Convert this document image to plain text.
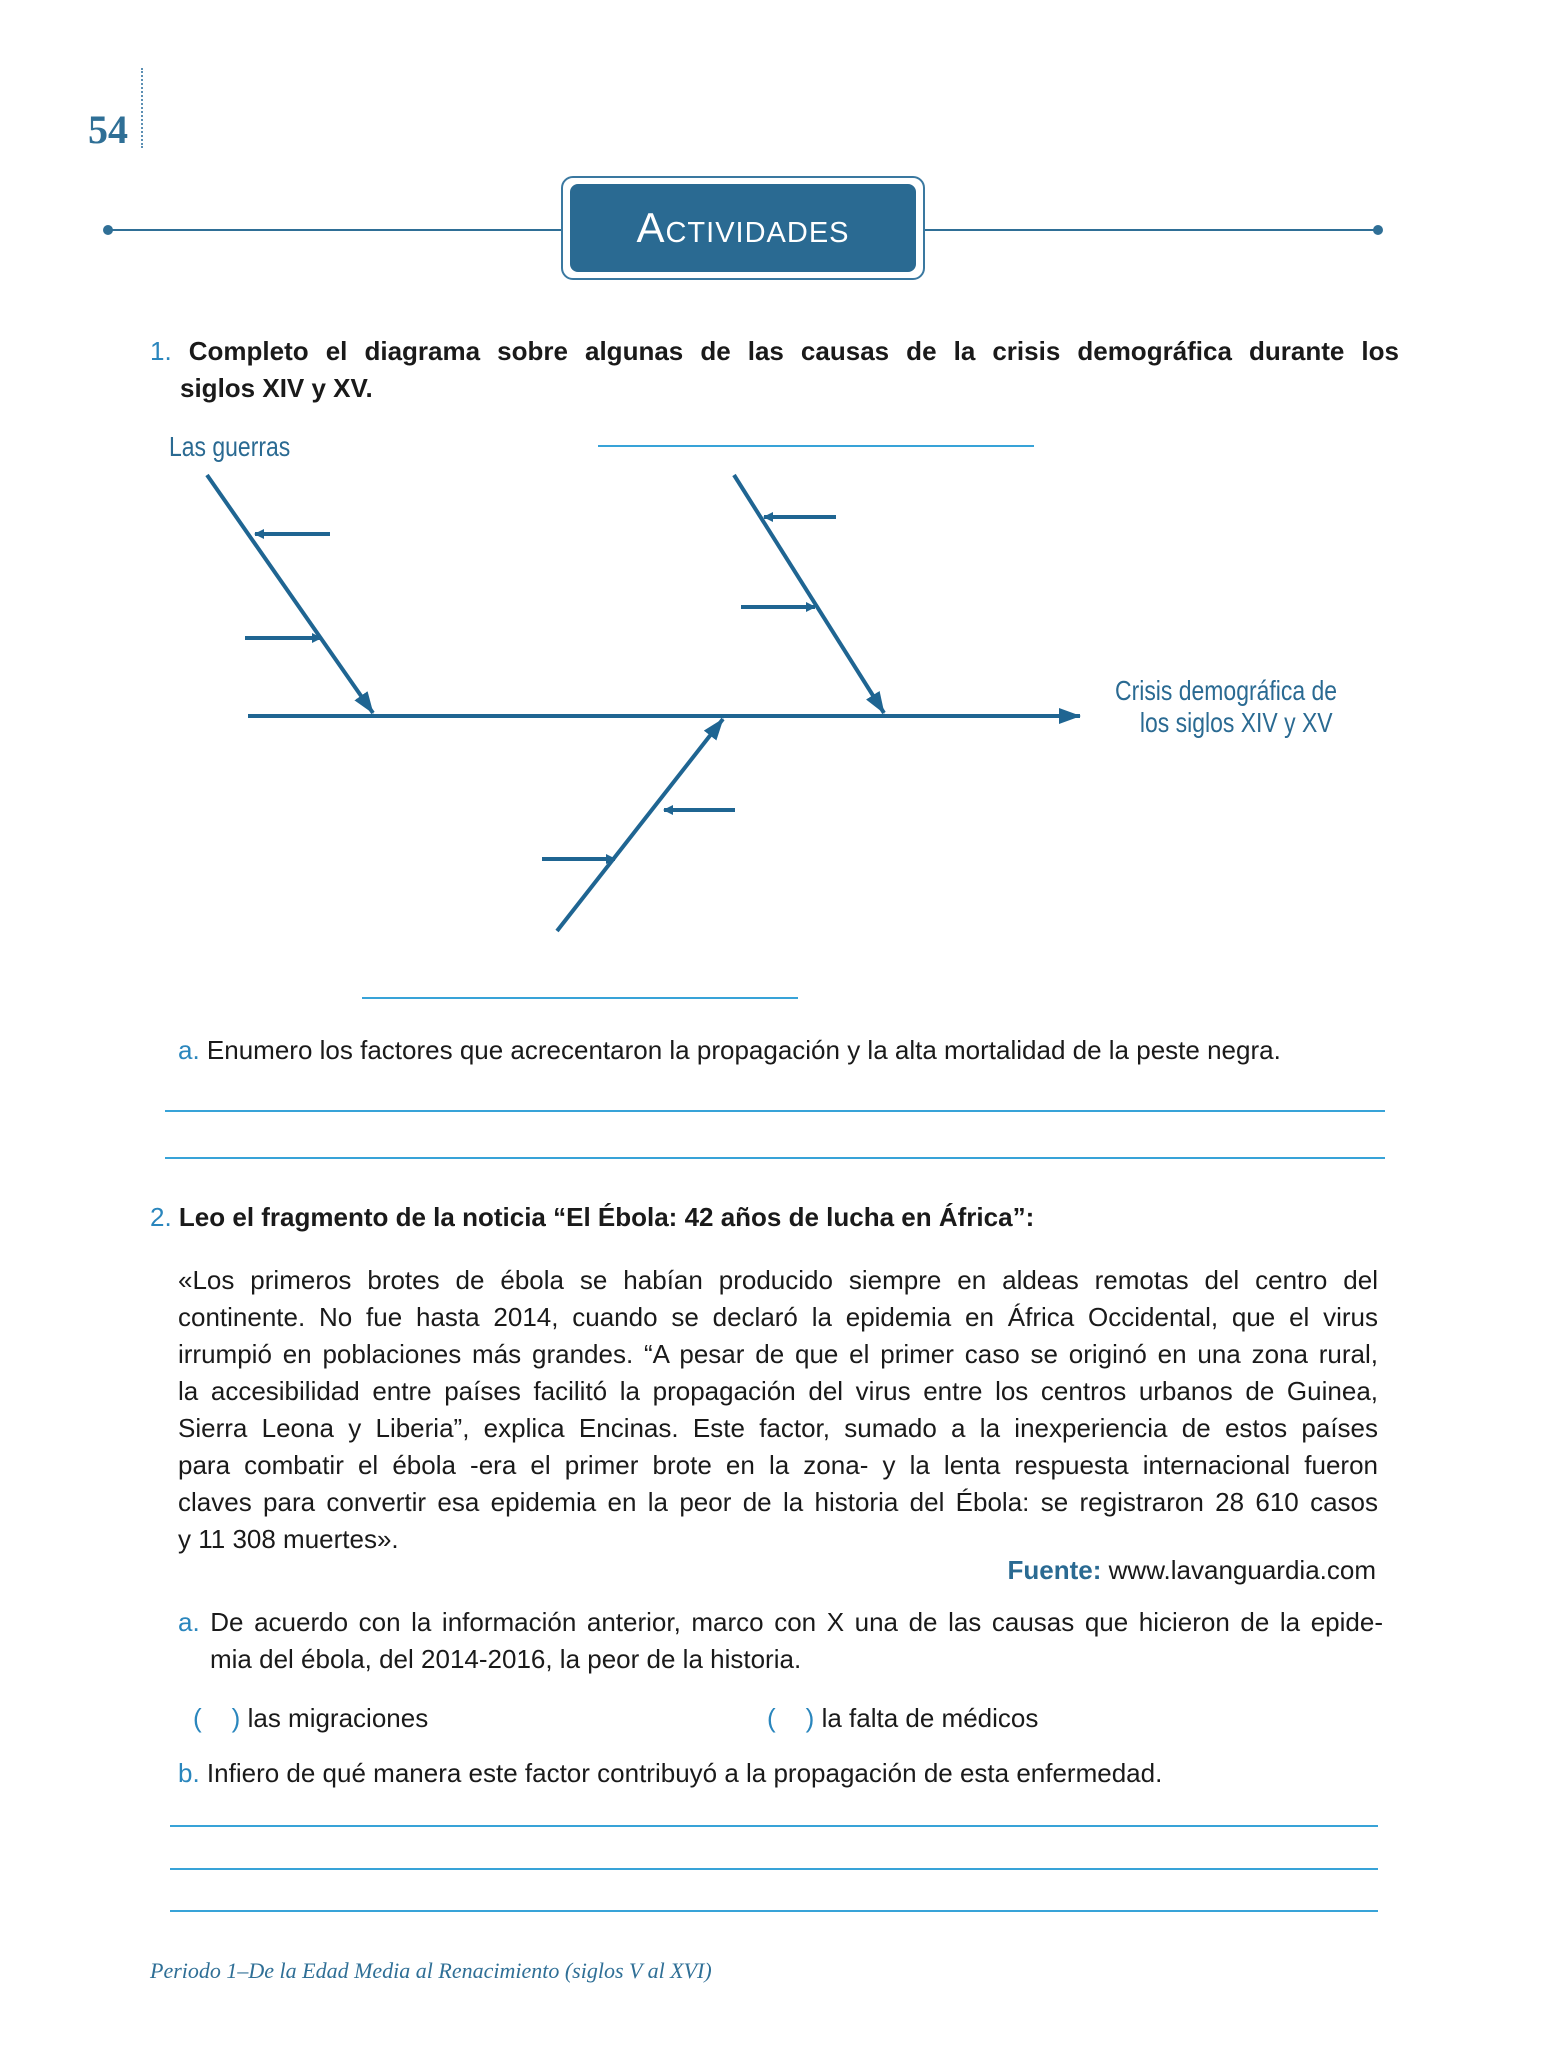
54
Actividades
1. Completo el diagrama sobre algunas de las causas de la crisis demográfica durante los
siglos XIV y XV.
Las guerras
Crisis demográfica de
los siglos XIV y XV
a. Enumero los factores que acrecentaron la propagación y la alta mortalidad de la peste negra.
2. Leo el fragmento de la noticia “El Ébola: 42 años de lucha en África”:
«Los primeros brotes de ébola se habían producido siempre en aldeas remotas del centro del
continente. No fue hasta 2014, cuando se declaró la epidemia en África Occidental, que el virus
irrumpió en poblaciones más grandes. “A pesar de que el primer caso se originó en una zona rural,
la accesibilidad entre países facilitó la propagación del virus entre los centros urbanos de Guinea,
Sierra Leona y Liberia”, explica Encinas. Este factor, sumado a la inexperiencia de estos países
para combatir el ébola -era el primer brote en la zona- y la lenta respuesta internacional fueron
claves para convertir esa epidemia en la peor de la historia del Ébola: se registraron 28 610 casos
y 11 308 muertes».
Fuente: www.lavanguardia.com
a. De acuerdo con la información anterior, marco con X una de las causas que hicieron de la epide-
mia del ébola, del 2014-2016, la peor de la historia.
( ) las migraciones	( ) la falta de médicos
b. Infiero de qué manera este factor contribuyó a la propagación de esta enfermedad.
Periodo 1–De la Edad Media al Renacimiento (siglos V al XVI)
